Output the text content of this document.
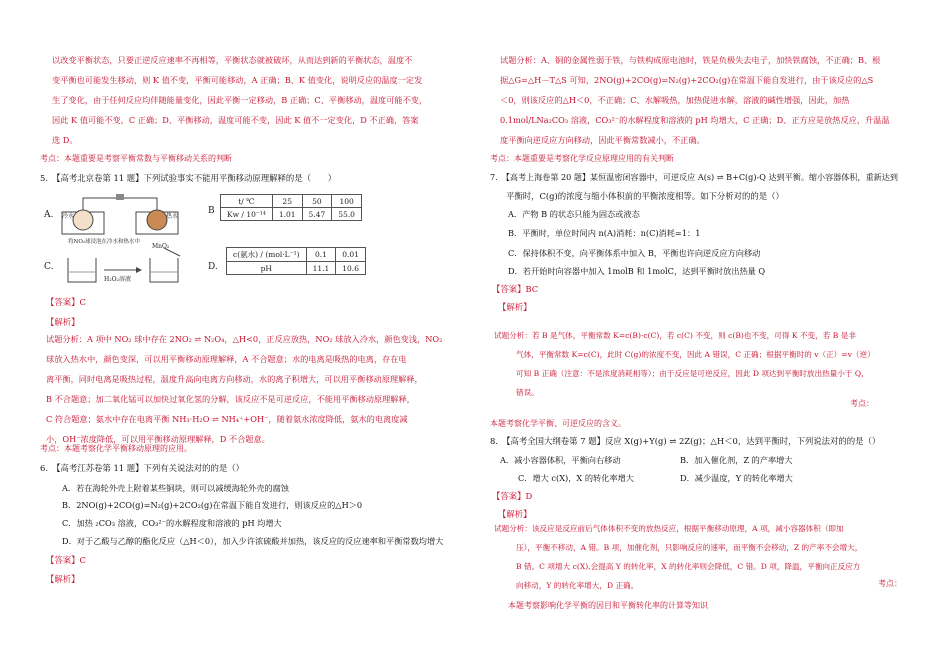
以改变平衡状态，只要正逆反应速率不再相等，平衡状态就被破坏，从而达到新的平衡状态，温度不

变平衡也可能发生移动，则 K 值不变，平衡可能移动，A 正确；B、K 值变化，说明反应的温度一定发

生了变化，由于任何反应均伴随能量变化，因此平衡一定移动，B 正确；C、平衡移动，温度可能不变，

因此 K 值可能不变，C 正确；D、平衡移动，温度可能不变，因此 K 值不一定变化，D 不正确，答案

选 D。

考点：本题重要是考察平衡常数与平衡移动关系的判断
5.　【高考北京卷第 11 题】下列试验事实不能用平衡移动原理解释的是（　　）
A. 冷水	热水
将NO₂球浸泡在冷水和热水中
B
t/ ℃	25	50	100
Kw / 10⁻¹⁴	1.01	5.47	55.0
C.
MnO₂
H₂O₂溶液
D.
c(氨水) / (mol·L⁻¹)	0.1	0.01
pH	11.1	10.6
【答案】C
【解析】

试题分析：A 项中 NO₂ 球中存在 2NO₂ ⇌ N₂O₄，△H<0，正反应放热，NO₂ 球放入冷水，颜色变浅，NO₂

球放入热水中，颜色变深，可以用平衡移动原理解释，A 不合题意；水的电离是吸热的电离，存在电

离平衡，同时电离是吸热过程，温度升高向电离方向移动，水的离子积增大，可以用平衡移动原理解释，

B 不合题意；加二氧化锰可以加快过氧化氢的分解，该反应不是可逆反应，不能用平衡移动原理解释，

C 符合题意；氨水中存在电离平衡 NH₃·H₂O ⇌ NH₄⁺+OH⁻，随着氨水浓度降低，氨水的电离度减

小，OH⁻浓度降低，可以用平衡移动原理解释，D 不合题意。

考点：本题考察化学平衡移动原理的应用。
6.　【高考江苏卷第 11 题】下列有关说法对的的是（）
A．若在海轮外壳上附着某些铜块，则可以减缓海轮外壳的腐蚀
B．2NO(g)+2CO(g)=N₂(g)+2CO₂(g)在常温下能自发进行，则该反应的△H＞0
C．加热 ₂CO₃ 溶液，CO₃²⁻的水解程度和溶液的 pH 均增大
D．对于乙酸与乙醇的酯化反应（△H＜0），加入少许浓硫酸并加热，该反应的反应速率和平衡常数均增大
【答案】C
【解析】

试题分析：A、铜的金属性弱于铁，与铁构成原电池时，铁是负极失去电子，加快铁腐蚀，不正确；B、根

据△G=△H－T△S 可知，2NO(g)+2CO(g)=N₂(g)+2CO₂(g)在常温下能自发进行，由于该反应的△S

＜0，则该反应的△H＜0，不正确；C、水解吸热，加热促进水解，溶液的碱性增强，因此，加热

0.1mol/LNa₂CO₃ 溶液，CO₃²⁻的水解程度和溶液的 pH 均增大，C 正确；D、正方应是放热反应，升温温

度平衡向逆反应方向移动，因此平衡常数减小，不正确。

考点：本题重要是考察化学反应原理应用的有关判断
7.　【高考上海卷第 20 题】某恒温密闭容器中，可逆反应 A(s) ⇌ B+C(g)-Q 达到平衡。缩小容器体积，重新达到
平衡时，C(g)的浓度与缩小体积前的平衡浓度相等。如下分析对的的是（）
A．产物 B 的状态只能为固态或液态
B．平衡时，单位时间内 n(A)消耗：n(C)消耗=1：1
C．保持体积不变，向平衡体系中加入 B，平衡也许向逆反应方向移动
D．若开始时向容器中加入 1molB 和 1molC，达到平衡时放出热量 Q
【答案】BC
【解析】

试题分析：若 B 是气体，平衡常数 K=c(B)·c(C)，若 c(C) 不变，则 c(B)也不变，可得 K 不变，若 B 是非

气体，平衡常数 K=c(C)，此时 C(g)的浓度不变，因此 A 错误，C 正确；根据平衡时的 v（正）=v（逆）

可知 B 正确（注意：不是浓度消耗相等）；由于反应是可逆反应，因此 D 项达到平衡时放出热量小于 Q，

错误。

考点：
本题考察化学平衡、可逆反应的含义。
8.　【高考全国大纲卷第 7 题】反应 X(g)+Y(g) ⇌ 2Z(g)；△H＜0，达到平衡时，下列说法对的的是（）
A．减小容器体积，平衡向右移动	B．加入催化剂，Z 的产率增大
C．增大 c(X)，X 的转化率增大	D．减少温度，Y 的转化率增大
【答案】D
【解析】

试题分析：该反应是反应前后气体体积不变的放热反应，根据平衡移动原理，A 项，减小容器体积（即加

压），平衡不移动，A 错。B 项，加催化剂，只影响反应的速率，而平衡不会移动，Z 的产率不会增大，

B 错。C 项增大 c(X),会提高 Y 的转化率，X 的转化率则会降低，C 错。D 项，降温，平衡向正反应方

向移动，Y 的转化率增大，D 正确。	考点：
本题考察影响化学平衡的因目和平衡转化率的计算等知识
